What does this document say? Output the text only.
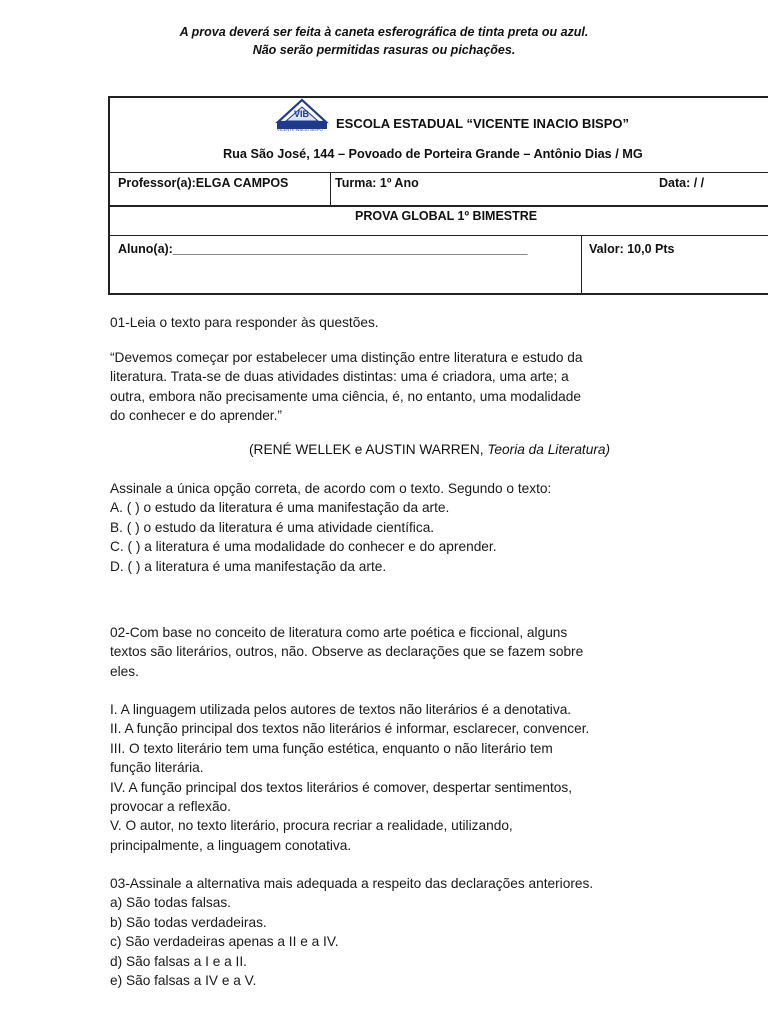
A prova deverá ser feita à caneta esferográfica de tinta preta ou azul.
Não serão permitidas rasuras ou pichações.
VIB
VICENTE INÁCIO BISPO ESCOLA ESTADUAL “VICENTE INACIO BISPO”
Rua São José, 144 – Povoado de Porteira Grande – Antônio Dias / MG
Professor(a):ELGA CAMPOS	Turma: 1º Ano	Data: / /
PROVA GLOBAL 1º BIMESTRE
Aluno(a):___________________________________________________	Valor: 10,0 Pts
01-Leia o texto para responder às questões.
“Devemos começar por estabelecer uma distinção entre literatura e estudo da
literatura. Trata-se de duas atividades distintas: uma é criadora, uma arte; a
outra, embora não precisamente uma ciência, é, no entanto, uma modalidade
do conhecer e do aprender.”
(RENÉ WELLEK e AUSTIN WARREN, Teoria da Literatura)
Assinale a única opção correta, de acordo com o texto. Segundo o texto:
A. ( ) o estudo da literatura é uma manifestação da arte.
B. ( ) o estudo da literatura é uma atividade científica.
C. ( ) a literatura é uma modalidade do conhecer e do aprender.
D. ( ) a literatura é uma manifestação da arte.
02-Com base no conceito de literatura como arte poética e ficcional, alguns
textos são literários, outros, não. Observe as declarações que se fazem sobre
eles.
I. A linguagem utilizada pelos autores de textos não literários é a denotativa.
II. A função principal dos textos não literários é informar, esclarecer, convencer.
III. O texto literário tem uma função estética, enquanto o não literário tem
função literária.
IV. A função principal dos textos literários é comover, despertar sentimentos,
provocar a reflexão.
V. O autor, no texto literário, procura recriar a realidade, utilizando,
principalmente, a linguagem conotativa.
03-Assinale a alternativa mais adequada a respeito das declarações anteriores.
a) São todas falsas.
b) São todas verdadeiras.
c) São verdadeiras apenas a II e a IV.
d) São falsas a I e a II.
e) São falsas a IV e a V.
